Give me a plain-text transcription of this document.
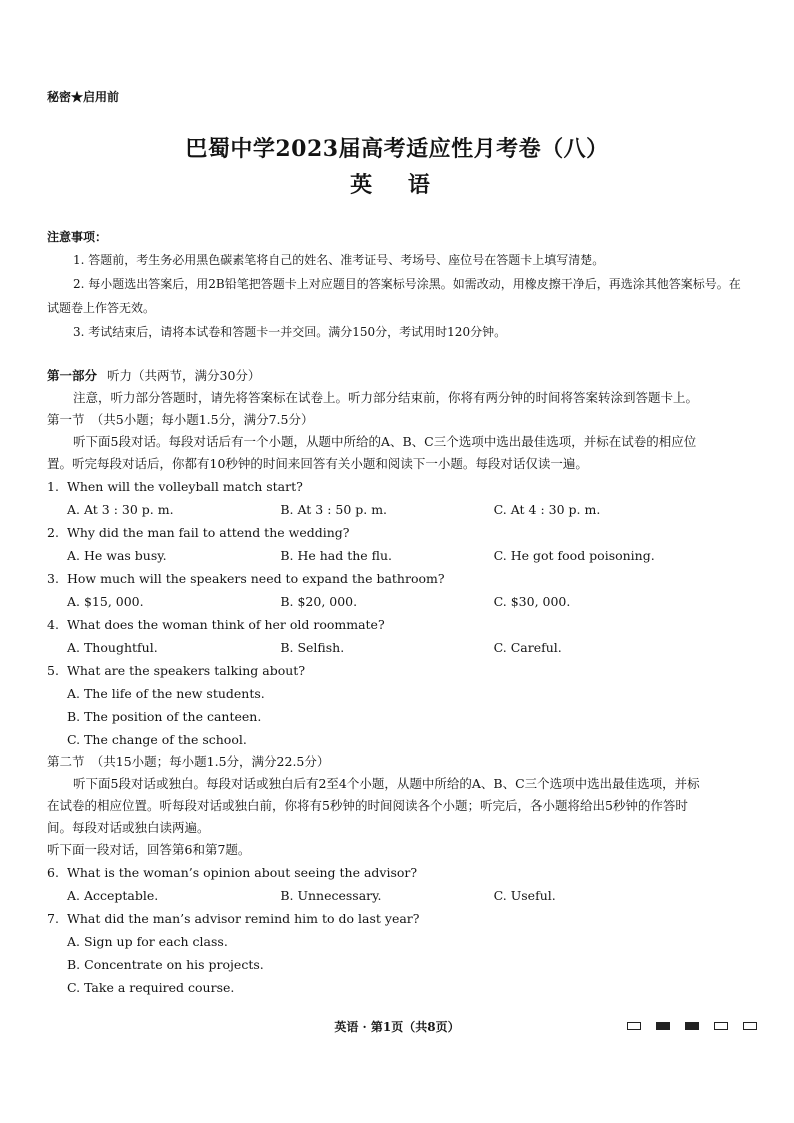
秘密★启用前
巴蜀中学2023届高考适应性月考卷（八）
英 语
注意事项：
1. 答题前，考生务必用黑色碳素笔将自己的姓名、准考证号、考场号、座位号在答题卡上填写清楚。
2. 每小题选出答案后，用2B铅笔把答题卡上对应题目的答案标号涂黑。如需改动，用橡皮擦干净后，再选涂其他答案标号。在试题卷上作答无效。
3. 考试结束后，请将本试卷和答题卡一并交回。满分150分，考试用时120分钟。
第一部分 听力（共两节，满分30分）
注意，听力部分答题时，请先将答案标在试卷上。听力部分结束前，你将有两分钟的时间将答案转涂到答题卡上。
第一节　（共5小题；每小题1.5分，满分7.5分）
听下面5段对话。每段对话后有一个小题，从题中所给的A、B、C三个选项中选出最佳选项，并标在试卷的相应位置。听完每段对话后，你都有10秒钟的时间来回答有关小题和阅读下一小题。每段对话仅读一遍。
1. When will the volleyball match start?
A. At 3 : 30 p. m.	B. At 3 : 50 p. m.	C. At 4 : 30 p. m.
2. Why did the man fail to attend the wedding?
A. He was busy.	B. He had the flu.	C. He got food poisoning.
3. How much will the speakers need to expand the bathroom?
A. $15, 000.	B. $20, 000.	C. $30, 000.
4. What does the woman think of her old roommate?
A. Thoughtful.	B. Selfish.	C. Careful.
5. What are the speakers talking about?
A. The life of the new students.
B. The position of the canteen.
C. The change of the school.
第二节　（共15小题；每小题1.5分，满分22.5分）
听下面5段对话或独白。每段对话或独白后有2至4个小题，从题中所给的A、B、C三个选项中选出最佳选项，并标在试卷的相应位置。听每段对话或独白前，你将有5秒钟的时间阅读各个小题；听完后，各小题将给出5秒钟的作答时间。每段对话或独白读两遍。
听下面一段对话，回答第6和第7题。
6. What is the woman’s opinion about seeing the advisor?
A. Acceptable.	B. Unnecessary.	C. Useful.
7. What did the man’s advisor remind him to do last year?
A. Sign up for each class.
B. Concentrate on his projects.
C. Take a required course.
英语 · 第1页（共8页）
